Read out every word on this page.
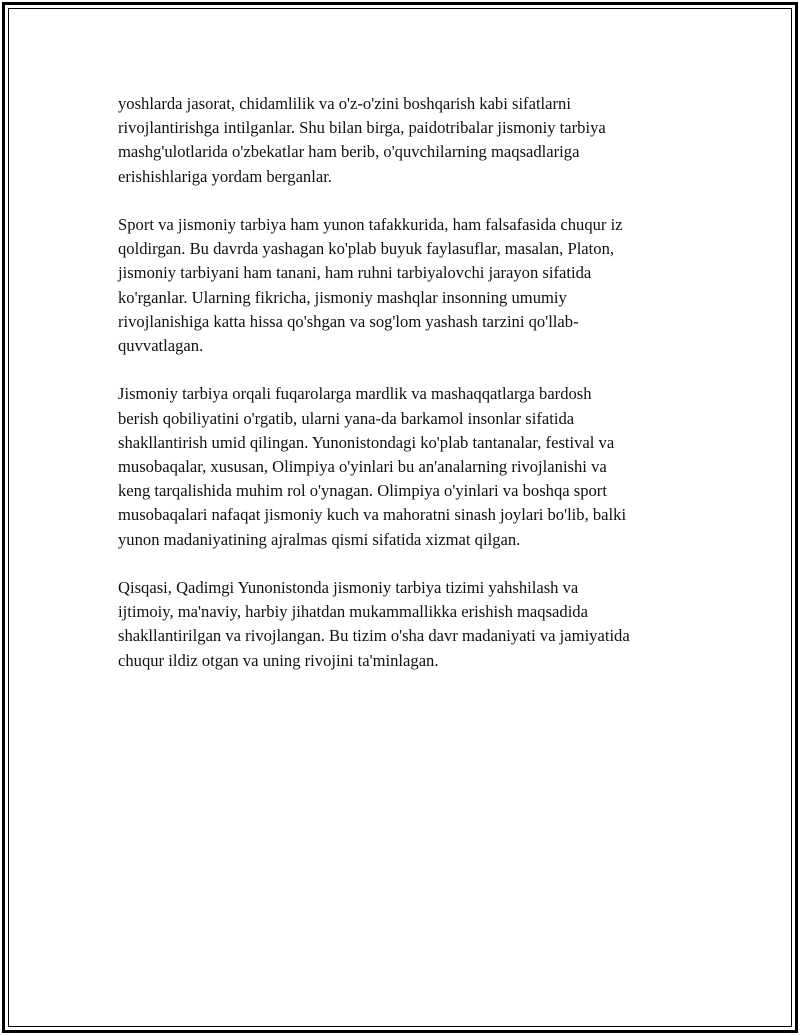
yoshlarda jasorat, chidamlilik va o'z-o'zini boshqarish kabi sifatlarni
rivojlantirishga intilganlar. Shu bilan birga, paidotribalar jismoniy tarbiya
mashg'ulotlarida o'zbekatlar ham berib, o'quvchilarning maqsadlariga
erishishlariga yordam berganlar.

Sport va jismoniy tarbiya ham yunon tafakkurida, ham falsafasida chuqur iz
qoldirgan. Bu davrda yashagan ko'plab buyuk faylasuflar, masalan, Platon,
jismoniy tarbiyani ham tanani, ham ruhni tarbiyalovchi jarayon sifatida
ko'rganlar. Ularning fikricha, jismoniy mashqlar insonning umumiy
rivojlanishiga katta hissa qo'shgan va sog'lom yashash tarzini qo'llab-
quvvatlagan.

Jismoniy tarbiya orqali fuqarolarga mardlik va mashaqqatlarga bardosh
berish qobiliyatini o'rgatib, ularni yana-da barkamol insonlar sifatida
shakllantirish umid qilingan. Yunonistondagi ko'plab tantanalar, festival va
musobaqalar, xususan, Olimpiya o'yinlari bu an'analarning rivojlanishi va
keng tarqalishida muhim rol o'ynagan. Olimpiya o'yinlari va boshqa sport
musobaqalari nafaqat jismoniy kuch va mahoratni sinash joylari bo'lib, balki
yunon madaniyatining ajralmas qismi sifatida xizmat qilgan.

Qisqasi, Qadimgi Yunonistonda jismoniy tarbiya tizimi yahshilash va
ijtimoiy, ma'naviy, harbiy jihatdan mukammallikka erishish maqsadida
shakllantirilgan va rivojlangan. Bu tizim o'sha davr madaniyati va jamiyatida
chuqur ildiz otgan va uning rivojini ta'minlagan.
